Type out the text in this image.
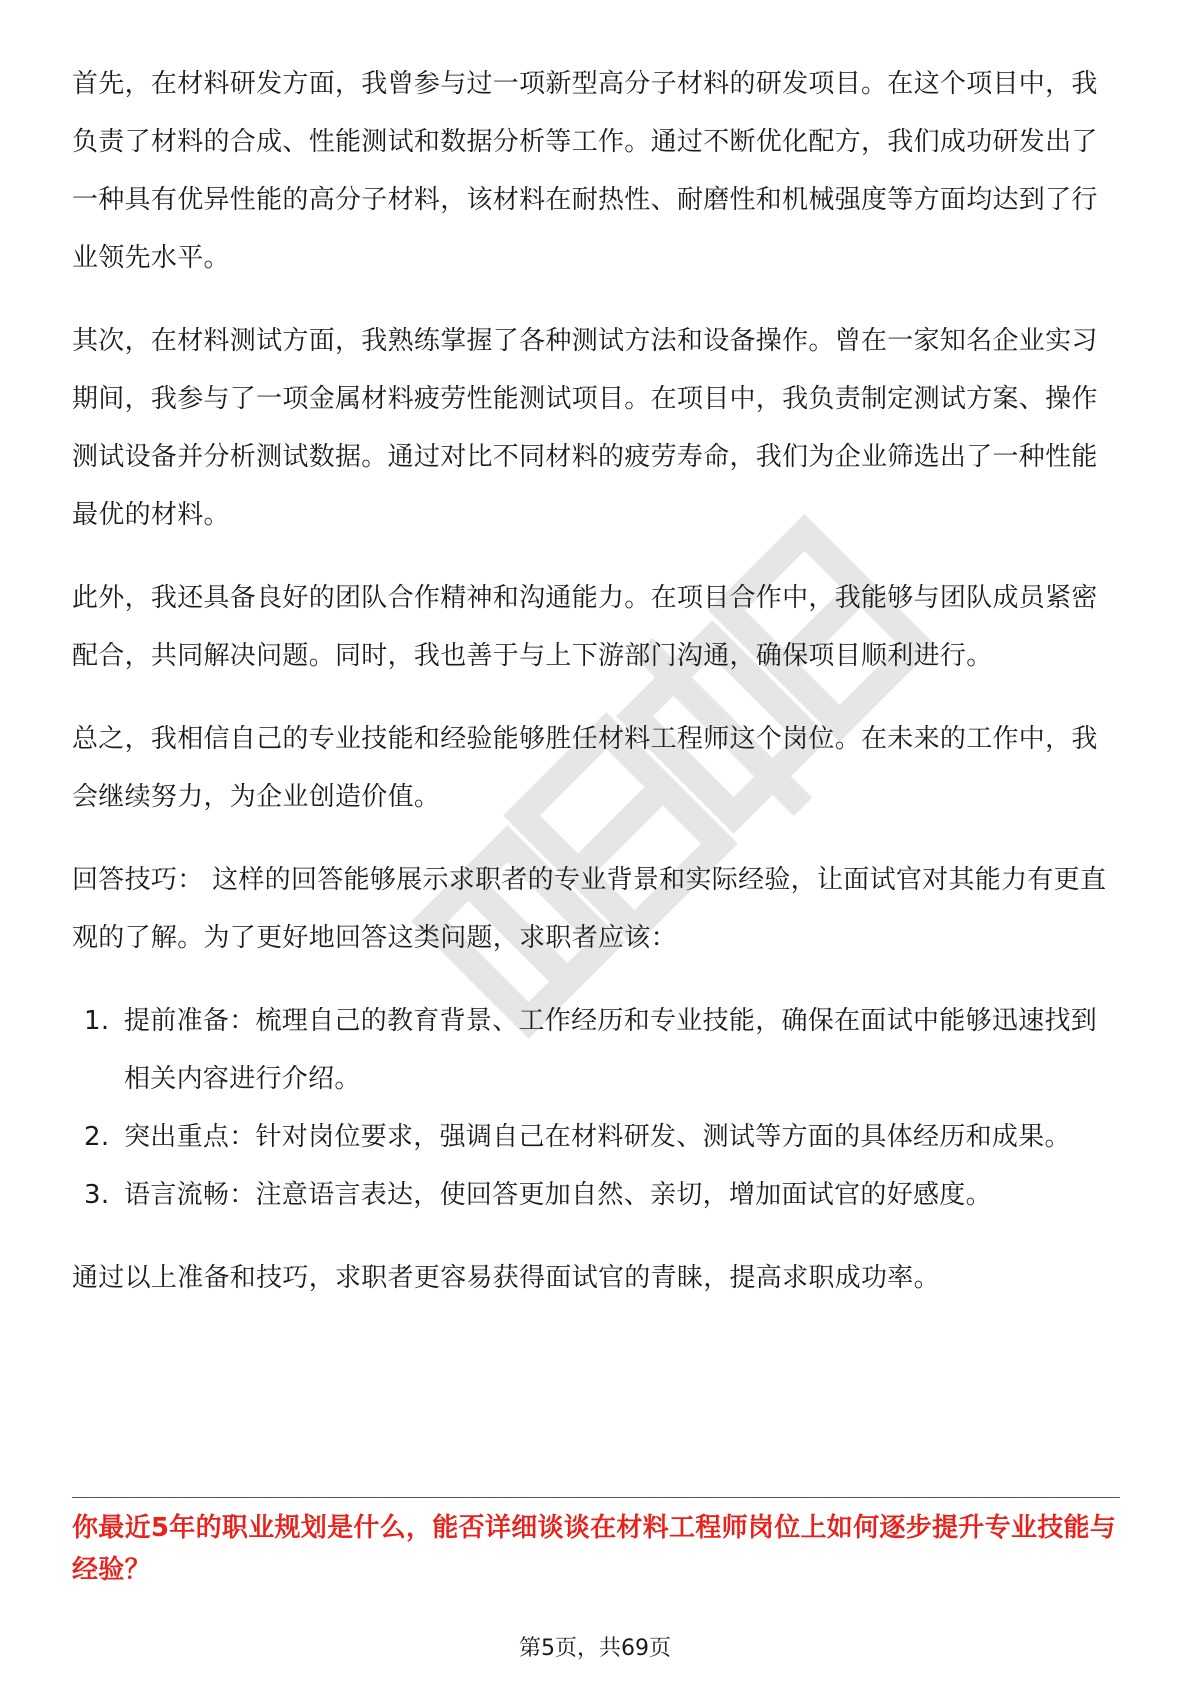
首先，在材料研发方面，我曾参与过一项新型高分子材料的研发项目。在这个项目中，我负责了材料的合成、性能测试和数据分析等工作。通过不断优化配方，我们成功研发出了一种具有优异性能的高分子材料，该材料在耐热性、耐磨性和机械强度等方面均达到了行业领先水平。

其次，在材料测试方面，我熟练掌握了各种测试方法和设备操作。曾在一家知名企业实习期间，我参与了一项金属材料疲劳性能测试项目。在项目中，我负责制定测试方案、操作测试设备并分析测试数据。通过对比不同材料的疲劳寿命，我们为企业筛选出了一种性能最优的材料。

此外，我还具备良好的团队合作精神和沟通能力。在项目合作中，我能够与团队成员紧密配合，共同解决问题。同时，我也善于与上下游部门沟通，确保项目顺利进行。

总之，我相信自己的专业技能和经验能够胜任材料工程师这个岗位。在未来的工作中，我会继续努力，为企业创造价值。

回答技巧： 这样的回答能够展示求职者的专业背景和实际经验，让面试官对其能力有更直观的了解。为了更好地回答这类问题，求职者应该：

1. 提前准备：梳理自己的教育背景、工作经历和专业技能，确保在面试中能够迅速找到相关内容进行介绍。
2. 突出重点：针对岗位要求，强调自己在材料研发、测试等方面的具体经历和成果。
3. 语言流畅：注意语言表达，使回答更加自然、亲切，增加面试官的好感度。

通过以上准备和技巧，求职者更容易获得面试官的青睐，提高求职成功率。

你最近5年的职业规划是什么，能否详细谈谈在材料工程师岗位上如何逐步提升专业技能与经验？
第5页，共69页
